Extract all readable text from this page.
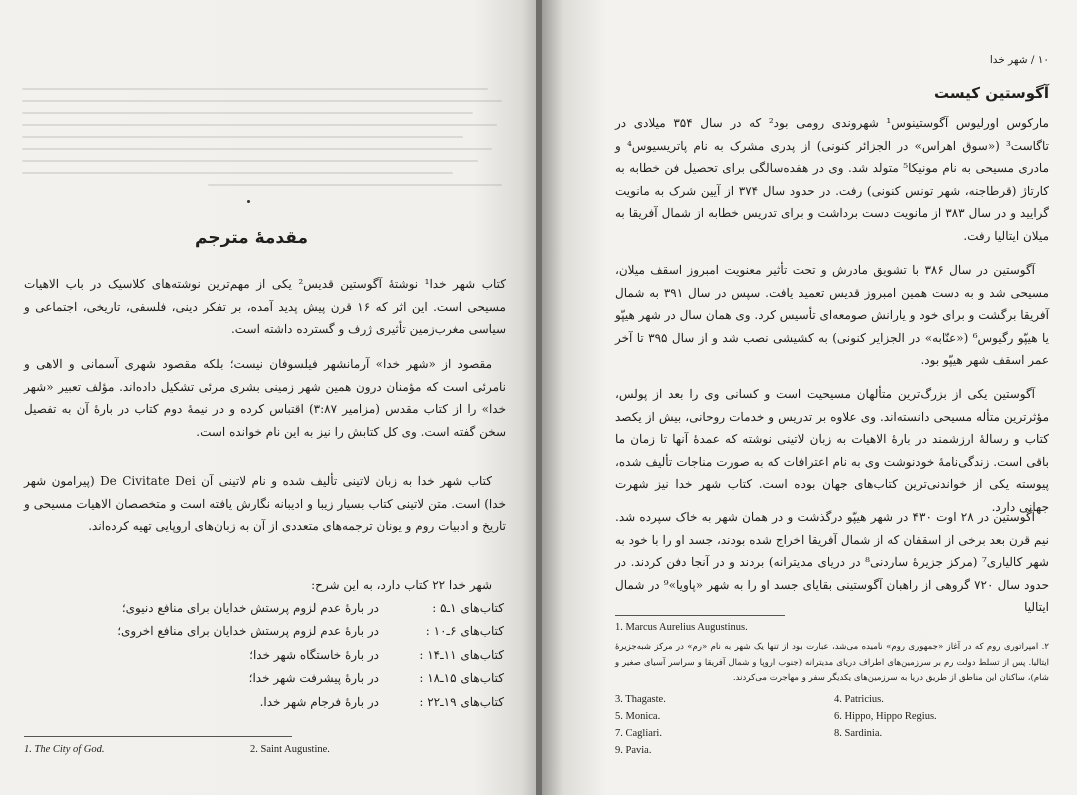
مقدمۀ مترجم
کتاب شهر خدا¹ نوشتۀ آگوستین قدیس² یکی از مهم‌ترین نوشته‌های کلاسیک در باب الاهیات مسیحی است. این اثر که ۱۶ قرن پیش پدید آمده، بر تفکر دینی، فلسفی، تاریخی، اجتماعی و سیاسی مغرب‌زمین تأثیری ژرف و گسترده داشته است.
مقصود از «شهر خدا» آرمانشهر فیلسوفان نیست؛ بلکه مقصود شهری آسمانی و الاهی و نامرئی است که مؤمنان درون همین شهر زمینی بشری مرئی تشکیل داده‌اند. مؤلف تعبیر «شهر خدا» را از کتاب مقدس (مزامیر ۳:۸۷) اقتباس کرده و در نیمۀ دوم کتاب در بارۀ آن به تفصیل سخن گفته است. وی کل کتابش را نیز به این نام خوانده است.
کتاب شهر خدا به زبان لاتینی تألیف شده و نام لاتینی آن De Civitate Dei (پیرامون شهر خدا) است. متن لاتینی کتاب بسیار زیبا و ادیبانه نگارش یافته است و متخصصان الاهیات مسیحی و تاریخ و ادبیات روم و یونان ترجمه‌های متعددی از آن به زبان‌های اروپایی تهیه کرده‌اند.
شهر خدا ۲۲ کتاب دارد، به این شرح:
کتاب‌های ۱ـ۵ :
در بارۀ عدم لزوم پرستش خدایان برای منافع دنیوی؛
کتاب‌های ۶ـ۱۰ :
در بارۀ عدم لزوم پرستش خدایان برای منافع اخروی؛
کتاب‌های ۱۱ـ۱۴ :
در بارۀ خاستگاه شهر خدا؛
کتاب‌های ۱۵ـ۱۸ :
در بارۀ پیشرفت شهر خدا؛
کتاب‌های ۱۹ـ۲۲ :
در بارۀ فرجام شهر خدا.
1. The City of God.	2. Saint Augustine.
۱۰ / شهر خدا
آگوستین کیست
مارکوس اورلیوس آگوستینوس¹ شهروندی رومی بود² که در سال ۳۵۴ میلادی در تاگاست³ («سوق اهراس» در الجزائر کنونی) از پدری مشرک به نام پاتریسیوس⁴ و مادری مسیحی به نام مونیکا⁵ متولد شد. وی در هفده‌سالگی برای تحصیل فن خطابه به کارتاژ (قرطاجنه، شهر تونس کنونی) رفت. در حدود سال ۳۷۴ از آیین شرک به مانویت گرایید و در سال ۳۸۳ از مانویت دست برداشت و برای تدریس خطابه از شمال آفریقا به میلان ایتالیا رفت.
آگوستین در سال ۳۸۶ با تشویق مادرش و تحت تأثیر معنویت امبروز اسقف میلان، مسیحی شد و به دست همین امبروز قدیس تعمید یافت. سپس در سال ۳۹۱ به شمال آفریقا برگشت و برای خود و یارانش صومعه‌ای تأسیس کرد. وی همان سال در شهر هیپّو یا هیپّو رگیوس⁶ («عنّابه» در الجزایر کنونی) به کشیشی نصب شد و از سال ۳۹۵ تا آخر عمر اسقف شهر هیپّو بود.
آگوستین یکی از بزرگ‌ترین متألهان مسیحیت است و کسانی وی را بعد از پولس، مؤثرترین متأله مسیحی دانسته‌اند. وی علاوه بر تدریس و خدمات روحانی، بیش از یکصد کتاب و رسالۀ ارزشمند در بارۀ الاهیات به زبان لاتینی نوشته که عمدۀ آنها تا زمان ما باقی است. زندگی‌نامۀ خودنوشت وی به نام اعترافات که به صورت مناجات تألیف شده، پیوسته یکی از خواندنی‌ترین کتاب‌های جهان بوده است. کتاب شهر خدا نیز شهرت جهانی دارد.
آگوستین در ۲۸ اوت ۴۳۰ در شهر هیپّو درگذشت و در همان شهر به خاک سپرده شد. نیم قرن بعد برخی از اسقفان که از شمال آفریقا اخراج شده بودند، جسد او را با خود به شهر کالیاری⁷ (مرکز جزیرۀ ساردنی⁸ در دریای مدیترانه) بردند و در آنجا دفن کردند. در حدود سال ۷۲۰ گروهی از راهبان آگوستینی بقایای جسد او را به شهر «پاویا»⁹ در شمال ایتالیا
1. Marcus Aurelius Augustinus.
۲. امپراتوری روم که در آغاز «جمهوری روم» نامیده می‌شد، عبارت بود از تنها یک شهر به نام «رم» در مرکز شبه‌جزیرۀ ایتالیا. پس از تسلط دولت رم بر سرزمین‌های اطراف دریای مدیترانه (جنوب اروپا و شمال آفریقا و سراسر آسیای صغیر و شام)، ساکنان این مناطق از طریق دریا به سرزمین‌های یکدیگر سفر و مهاجرت می‌کردند.
3. Thagaste.
5. Monica.
7. Cagliari.
9. Pavia.
4. Patricius.
6. Hippo, Hippo Regius.
8. Sardinia.
